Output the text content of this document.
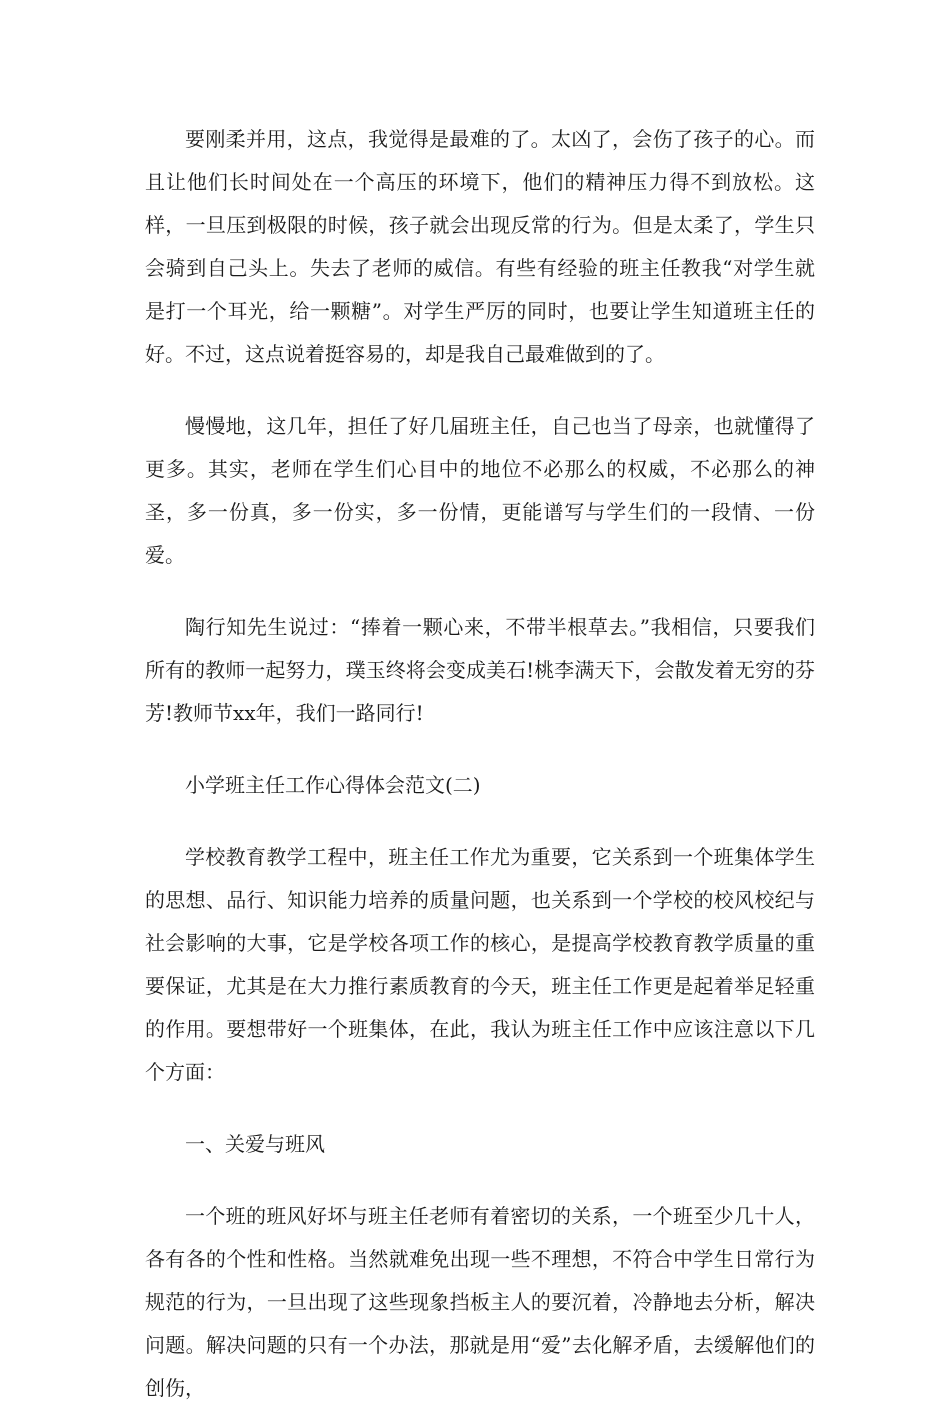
要刚柔并用，这点，我觉得是最难的了。太凶了，会伤了孩子的心。而且让他们长时间处在一个高压的环境下，他们的精神压力得不到放松。这样，一旦压到极限的时候，孩子就会出现反常的行为。但是太柔了，学生只会骑到自己头上。失去了老师的威信。有些有经验的班主任教我“对学生就是打一个耳光，给一颗糖”。对学生严厉的同时，也要让学生知道班主任的好。不过，这点说着挺容易的，却是我自己最难做到的了。

慢慢地，这几年，担任了好几届班主任，自己也当了母亲，也就懂得了更多。其实，老师在学生们心目中的地位不必那么的权威，不必那么的神圣，多一份真，多一份实，多一份情，更能谱写与学生们的一段情、一份爱。

陶行知先生说过：“捧着一颗心来，不带半根草去。”我相信，只要我们所有的教师一起努力，璞玉终将会变成美石!桃李满天下，会散发着无穷的芬芳!教师节xx年，我们一路同行!

小学班主任工作心得体会范文(二)

学校教育教学工程中，班主任工作尤为重要，它关系到一个班集体学生的思想、品行、知识能力培养的质量问题，也关系到一个学校的校风校纪与社会影响的大事，它是学校各项工作的核心，是提高学校教育教学质量的重要保证，尤其是在大力推行素质教育的今天，班主任工作更是起着举足轻重的作用。要想带好一个班集体，在此，我认为班主任工作中应该注意以下几个方面：

一、关爱与班风

一个班的班风好坏与班主任老师有着密切的关系，一个班至少几十人，各有各的个性和性格。当然就难免出现一些不理想，不符合中学生日常行为规范的行为，一旦出现了这些现象挡板主人的要沉着，冷静地去分析，解决问题。解决问题的只有一个办法，那就是用“爱”去化解矛盾，去缓解他们的创伤，
